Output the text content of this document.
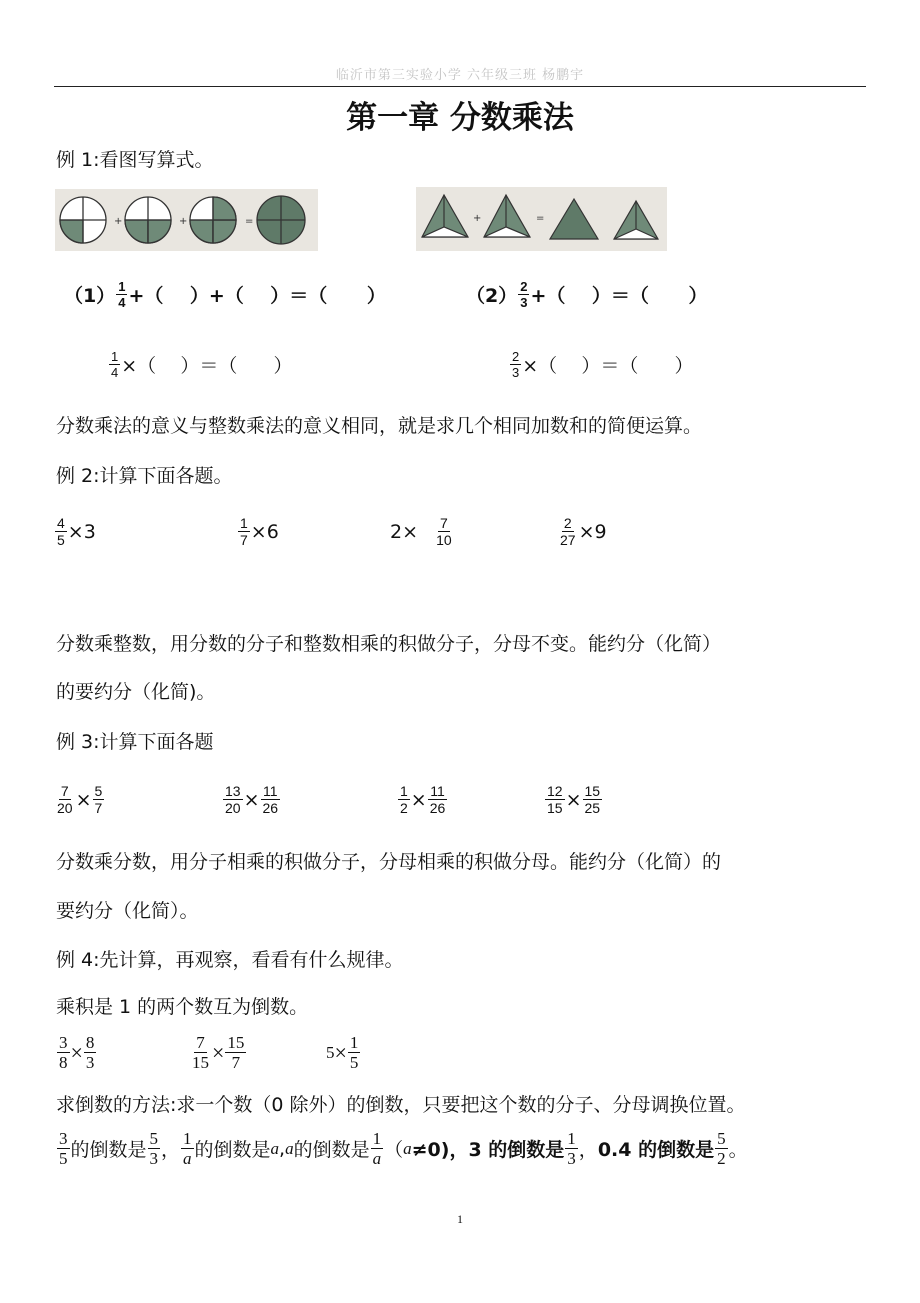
临沂市第三实验小学 六年级三班 杨鹏宇
第一章 分数乘法
例 1:看图写算式。
+	+	=	+	=
$(1) \frac{1}{4}$ +（    ）+（    ）＝（      ）	$(2) \frac{2}{3}$ +（    ）＝（      ）
$\frac{1}{4}$ ×（    ）＝（      ）	$\frac{2}{3}$ ×（    ）＝（      ）
分数乘法的意义与整数乘法的意义相同，就是求几个相同加数和的简便运算。
例 2:计算下面各题。
$\frac{4}{5} \times 3$	$\frac{1}{7} \times 6$	$2\times \frac{7}{10}$	$\frac{2}{27} \times 9$
分数乘整数，用分数的分子和整数相乘的积做分子，分母不变。能约分（化简）
的要约分（化简)。
例 3:计算下面各题
$\frac{7}{20} \times \frac{5}{7}$	$\frac{13}{20} \times \frac{11}{26}$	$\frac{1}{2} \times \frac{11}{26}$	$\frac{12}{15} \times \frac{15}{25}$
分数乘分数，用分子相乘的积做分子，分母相乘的积做分母。能约分（化简）的
要约分（化简）。
例 4:先计算，再观察，看看有什么规律。
乘积是 1 的两个数互为倒数。
$\frac{3}{8} \times \frac{8}{3}$	$\frac{7}{15} \times \frac{15}{7}$	$5 \times \frac{1}{5}$
求倒数的方法:求一个数（0 除外）的倒数，只要把这个数的分子、分母调换位置。
$\frac{3}{5}$ 的倒数是 $\frac{5}{3}$ ， $\frac{1}{a}$ 的倒数是 a , a 的倒数是 $\frac{1}{a}$ （ a ≠0)， 3 的倒数是 $\frac{1}{3}$ ， 0.4 的倒数是 $\frac{5}{2}$ 。
1
